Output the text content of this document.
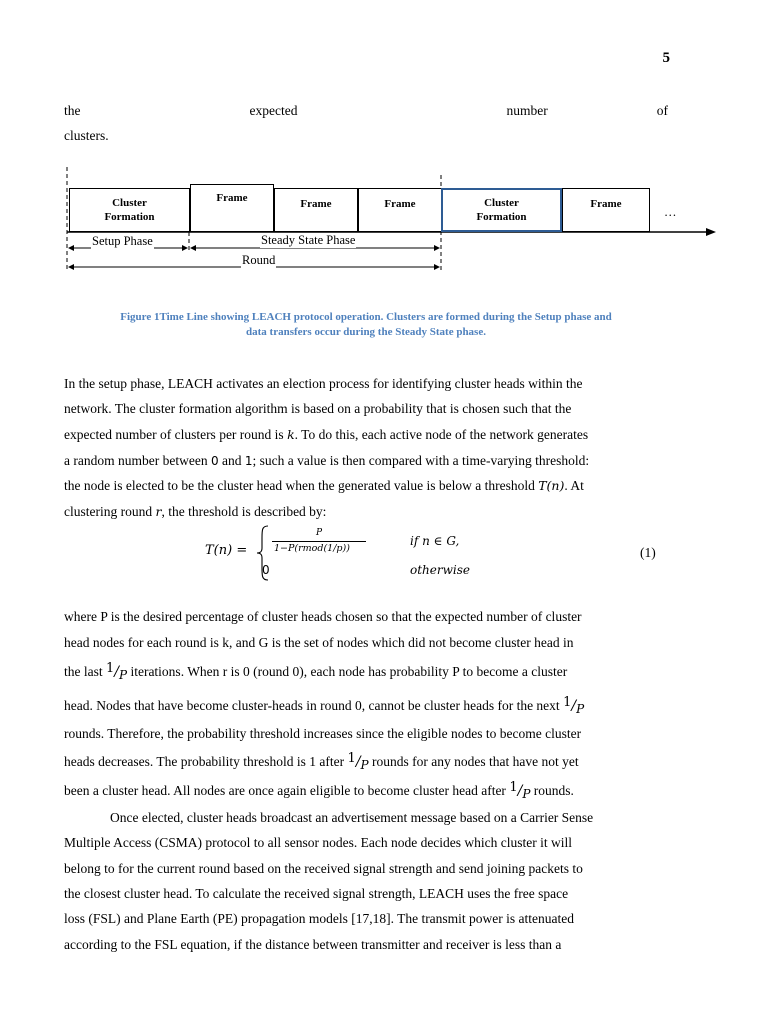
5
the	expected	number	of
clusters.
Cluster
Formation
Frame	Frame	Frame	Cluster
Formation
Frame
…
Setup Phase	Steady State Phase
Round
Figure 1Time Line showing LEACH protocol operation. Clusters are formed during the Setup phase and
data transfers occur during the Steady State phase.
In the setup phase, LEACH activates an election process for identifying cluster heads within the
network. The cluster formation algorithm is based on a probability that is chosen such that the
expected number of clusters per round is k. To do this, each active node of the network generates
a random number between 0 and 1; such a value is then compared with a time-varying threshold:
the node is elected to be the cluster head when the generated value is below a threshold T(n). At
clustering round r, the threshold is described by:
T(n) =
P
1−P(rmod(1/p))
0
if n ∈ G,
otherwise
(1)
where P is the desired percentage of cluster heads chosen so that the expected number of cluster
head nodes for each round is k, and G is the set of nodes which did not become cluster head in
the last $^1/_P$ iterations. When r is 0 (round 0), each node has probability P to become a cluster
head. Nodes that have become cluster-heads in round 0, cannot be cluster heads for the next $^1/_P$
rounds. Therefore, the probability threshold increases since the eligible nodes to become cluster
heads decreases. The probability threshold is 1 after $^1/_P$ rounds for any nodes that have not yet
been a cluster head. All nodes are once again eligible to become cluster head after $^1/_P$ rounds.
Once elected, cluster heads broadcast an advertisement message based on a Carrier Sense
Multiple Access (CSMA) protocol to all sensor nodes. Each node decides which cluster it will
belong to for the current round based on the received signal strength and send joining packets to
the closest cluster head. To calculate the received signal strength, LEACH uses the free space
loss (FSL) and Plane Earth (PE) propagation models [17,18]. The transmit power is attenuated
according to the FSL equation, if the distance between transmitter and receiver is less than a
